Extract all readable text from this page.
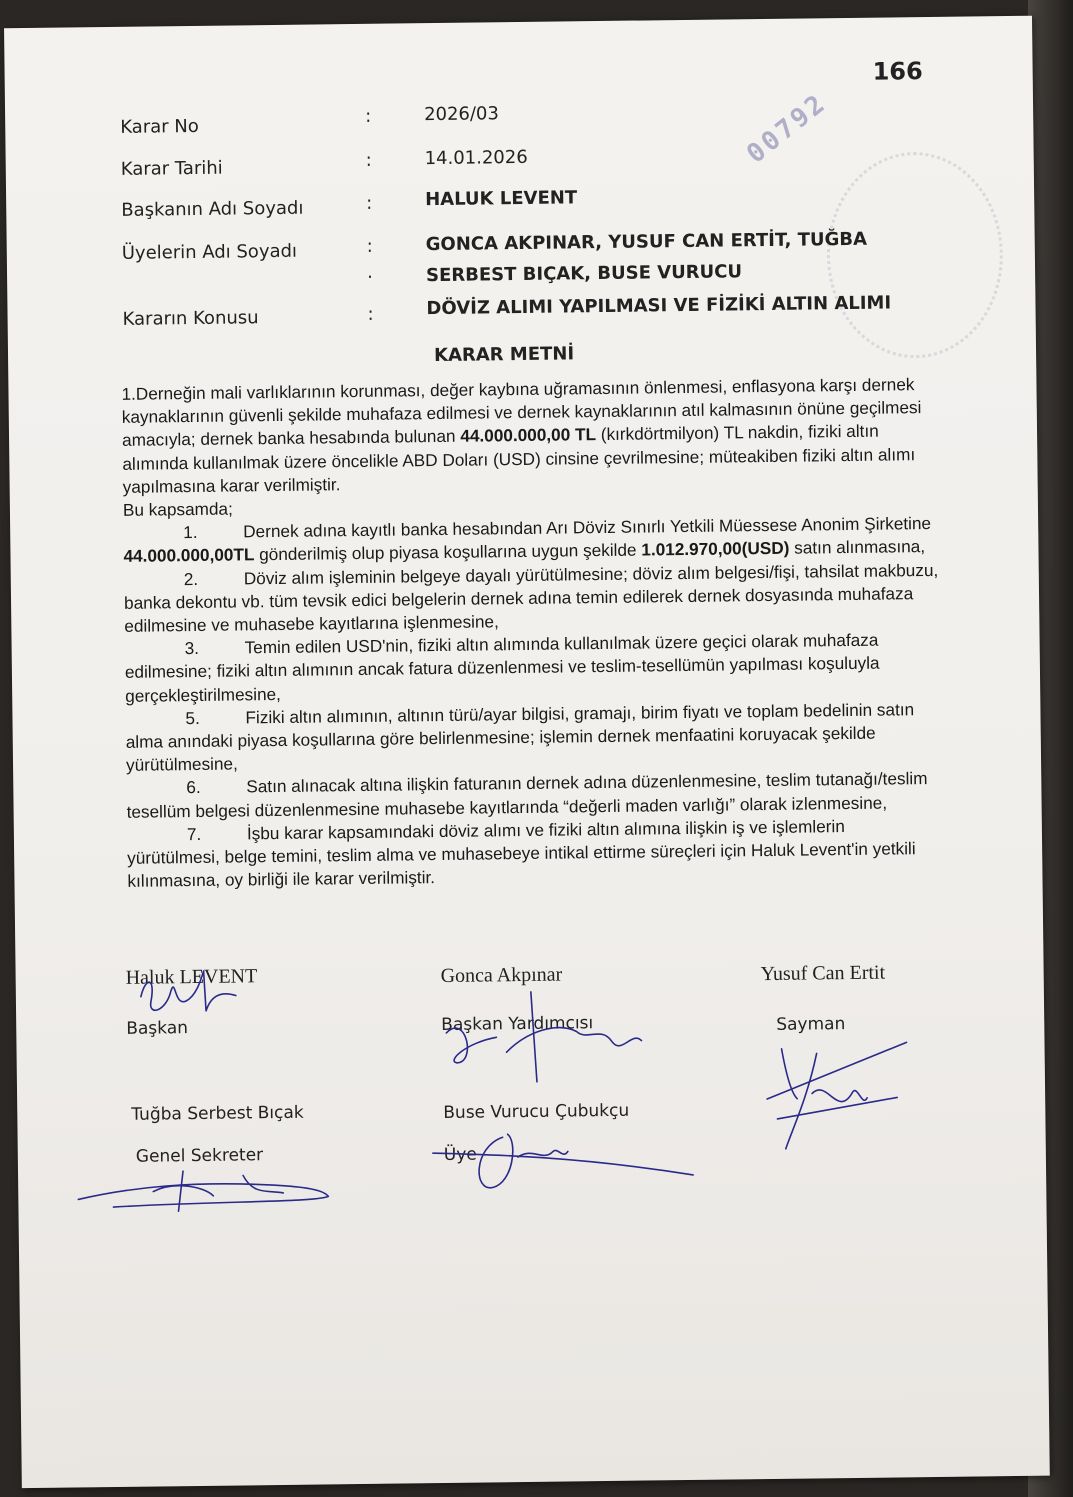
166
00792
Karar No	:	2026/03
Karar Tarihi	:	14.01.2026
Başkanın Adı Soyadı	:	HALUK LEVENT
Üyelerin Adı Soyadı	:
.
GONCA AKPINAR, YUSUF CAN ERTİT, TUĞBA
SERBEST BIÇAK, BUSE VURUCU
Kararın Konusu	:	DÖVİZ ALIMI YAPILMASI VE FİZİKİ ALTIN ALIMI
KARAR METNİ

1.Derneğin mali varlıklarının korunması, değer kaybına uğramasının önlenmesi, enflasyona karşı dernek kaynaklarının güvenli şekilde muhafaza edilmesi ve dernek kaynaklarının atıl kalmasının önüne geçilmesi amacıyla; dernek banka hesabında bulunan 44.000.000,00 TL (kırkdörtmilyon) TL nakdin, fiziki altın alımında kullanılmak üzere öncelikle ABD Doları (USD) cinsine çevrilmesine; müteakiben fiziki altın alımı yapılmasına karar verilmiştir.

Bu kapsamda;

1.	Dernek adına kayıtlı banka hesabından Arı Döviz Sınırlı Yetkili Müessese Anonim Şirketine 44.000.000,00TL gönderilmiş olup piyasa koşullarına uygun şekilde 1.012.970,00(USD) satın alınmasına,

2.	Döviz alım işleminin belgeye dayalı yürütülmesine; döviz alım belgesi/fişi, tahsilat makbuzu, banka dekontu vb. tüm tevsik edici belgelerin dernek adına temin edilerek dernek dosyasında muhafaza edilmesine ve muhasebe kayıtlarına işlenmesine,

3.	Temin edilen USD'nin, fiziki altın alımında kullanılmak üzere geçici olarak muhafaza edilmesine; fiziki altın alımının ancak fatura düzenlenmesi ve teslim-tesellümün yapılması koşuluyla gerçekleştirilmesine,

5.	Fiziki altın alımının, altının türü/ayar bilgisi, gramajı, birim fiyatı ve toplam bedelinin satın alma anındaki piyasa koşullarına göre belirlenmesine; işlemin dernek menfaatini koruyacak şekilde yürütülmesine,

6.	Satın alınacak altına ilişkin faturanın dernek adına düzenlenmesine, teslim tutanağı/teslim tesellüm belgesi düzenlenmesine muhasebe kayıtlarında “değerli maden varlığı” olarak izlenmesine,

7.	İşbu karar kapsamındaki döviz alımı ve fiziki altın alımına ilişkin iş ve işlemlerin yürütülmesi, belge temini, teslim alma ve muhasebeye intikal ettirme süreçleri için Haluk Levent'in yetkili kılınmasına, oy birliği ile karar verilmiştir.

Haluk LEVENT
Başkan
Gonca Akpınar
Başkan Yardımcısı
Yusuf Can Ertit
Sayman
Tuğba Serbest Bıçak
Genel Sekreter
Buse Vurucu Çubukçu
Üye
